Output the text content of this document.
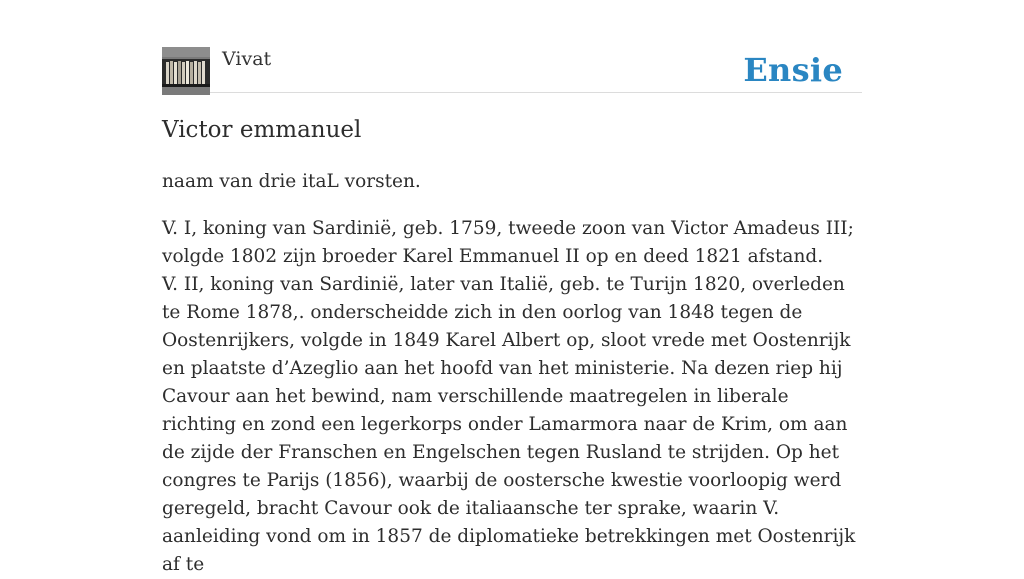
Vivat	Ensie
Victor emmanuel

naam van drie itaL vorsten.

V. I, koning van Sardinië, geb. 1759, tweede zoon van Victor Amadeus III; volgde 1802 zijn broeder Karel Emmanuel II op en deed 1821 afstand.

V. II, koning van Sardinië, later van Italië, geb. te Turijn 1820, overleden te Rome 1878,. onderscheidde zich in den oorlog van 1848 tegen de Oostenrijkers, volgde in 1849 Karel Albert op, sloot vrede met Oostenrijk en plaatste d’Azeglio aan het hoofd van het ministerie. Na dezen riep hij Cavour aan het bewind, nam verschillende maatregelen in liberale richting en zond een legerkorps onder Lamarmora naar de Krim, om aan de zijde der Franschen en Engelschen tegen Rusland te strijden. Op het congres te Parijs (1856), waarbij de oostersche kwestie voorloopig werd geregeld, bracht Cavour ook de italiaansche ter sprake, waarin V. aanleiding vond om in 1857 de diplomatieke betrekkingen met Oostenrijk af te
